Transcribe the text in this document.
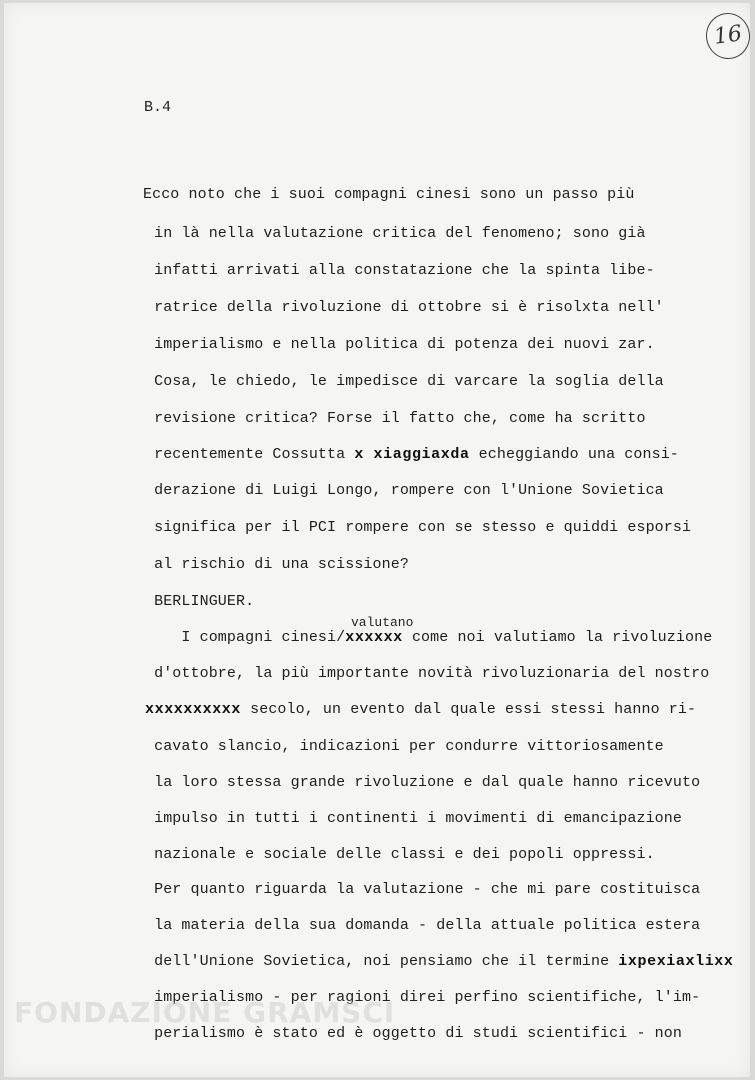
16
B.4
Ecco noto che i suoi compagni cinesi sono un passo più
in là nella valutazione critica del fenomeno; sono già
infatti arrivati alla constatazione che la spinta libe-
ratrice della rivoluzione di ottobre si è risolxta nell'
imperialismo e nella politica di potenza dei nuovi zar.
Cosa, le chiedo, le impedisce di varcare la soglia della
revisione critica? Forse il fatto che, come ha scritto
recentemente Cossutta x xiaggiaxda echeggiando una consi-
derazione di Luigi Longo, rompere con l'Unione Sovietica
significa per il PCI rompere con se stesso e quiddi esporsi
al rischio di una scissione?
BERLINGUER.
valutano
I compagni cinesi/xxxxxx come noi valutiamo la rivoluzione
d'ottobre, la più importante novità rivoluzionaria del nostro
xxxxxxxxxx secolo, un evento dal quale essi stessi hanno ri-
cavato slancio, indicazioni per condurre vittoriosamente
la loro stessa grande rivoluzione e dal quale hanno ricevuto
impulso in tutti i continenti i movimenti di emancipazione
nazionale e sociale delle classi e dei popoli oppressi.
Per quanto riguarda la valutazione - che mi pare costituisca
la materia della sua domanda - della attuale politica estera
dell'Unione Sovietica, noi pensiamo che il termine ixpexiaxlixx
imperialismo - per ragioni direi perfino scientifiche, l'im-
perialismo è stato ed è oggetto di studi scientifici - non
FONDAZIONE GRAMSCI
